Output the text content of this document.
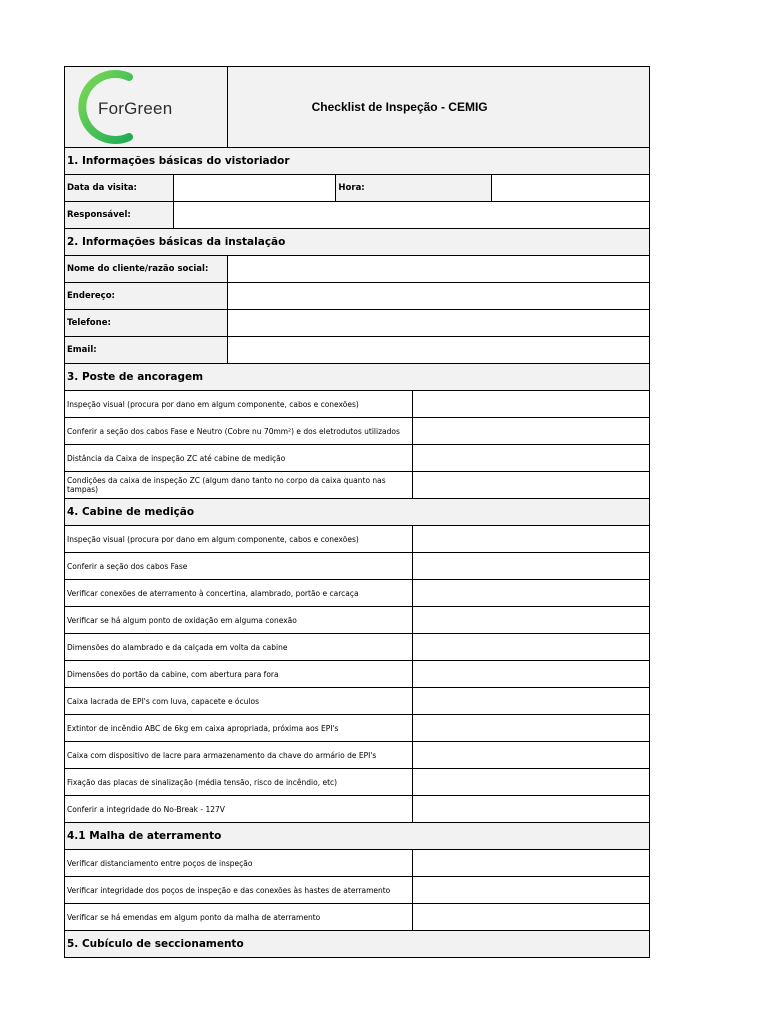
ForGreen		Checklist de Inspeção - CEMIG			
1. Informações básicas do vistoriador					
Data da visita:			Hora:		
Responsável:					
2. Informações básicas da instalação					
Nome do cliente/razão social:					
Endereço:					
Telefone:					
Email:					
3. Poste de ancoragem					
Inspeção visual (procura por dano em algum componente, cabos e conexões)					
Conferir a seção dos cabos Fase e Neutro (Cobre nu 70mm²) e dos eletrodutos utilizados					
Distância da Caixa de inspeção ZC até cabine de medição					
Condições da caixa de inspeção ZC (algum dano tanto no corpo da caixa quanto nas tampas)					
4. Cabine de medição					
Inspeção visual (procura por dano em algum componente, cabos e conexões)					
Conferir a seção dos cabos Fase					
Verificar conexões de aterramento à concertina, alambrado, portão e carcaça					
Verificar se há algum ponto de oxidação em alguma conexão					
Dimensões do alambrado e da calçada em volta da cabine					
Dimensões do portão da cabine, com abertura para fora					
Caixa lacrada de EPI's com luva, capacete e óculos					
Extintor de incêndio ABC de 6kg em caixa apropriada, próxima aos EPI's					
Caixa com dispositivo de lacre para armazenamento da chave do armário de EPI's					
Fixação das placas de sinalização (média tensão, risco de incêndio, etc)					
Conferir a integridade do No-Break - 127V					
4.1 Malha de aterramento					
Verificar distanciamento entre poços de inspeção					
Verificar integridade dos poços de inspeção e das conexões às hastes de aterramento					
Verificar se há emendas em algum ponto da malha de aterramento					
5. Cubículo de seccionamento					
